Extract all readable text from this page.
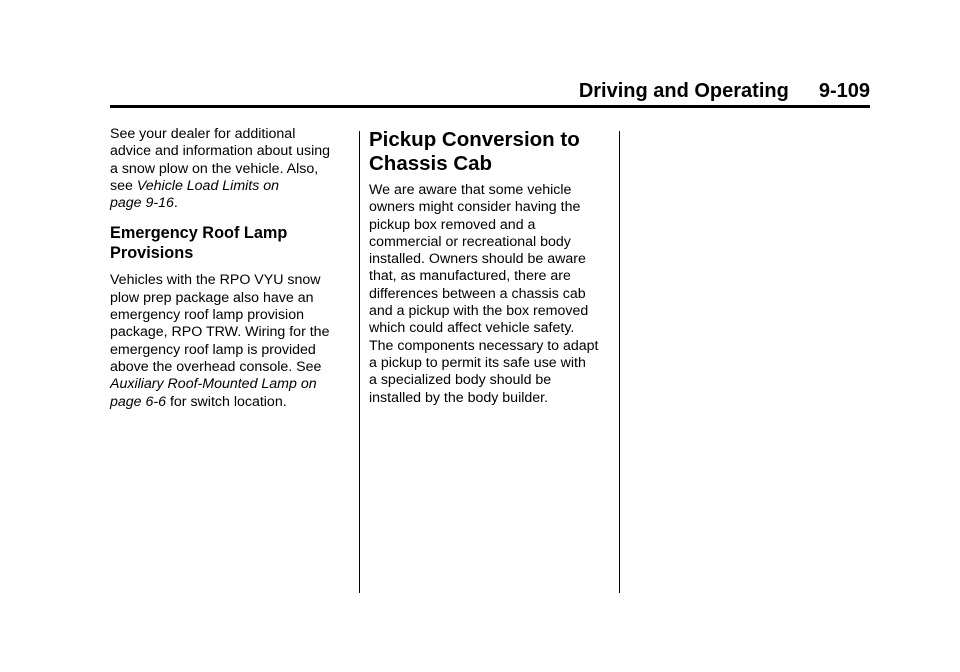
Driving and Operating 9-109

See your dealer for additional
advice and information about using
a snow plow on the vehicle. Also,
see Vehicle Load Limits on
page 9-16.

Emergency Roof Lamp
Provisions

Vehicles with the RPO VYU snow
plow prep package also have an
emergency roof lamp provision
package, RPO TRW. Wiring for the
emergency roof lamp is provided
above the overhead console. See
Auxiliary Roof-Mounted Lamp on
page 6-6 for switch location.

Pickup Conversion to
Chassis Cab

We are aware that some vehicle
owners might consider having the
pickup box removed and a
commercial or recreational body
installed. Owners should be aware
that, as manufactured, there are
differences between a chassis cab
and a pickup with the box removed
which could affect vehicle safety.
The components necessary to adapt
a pickup to permit its safe use with
a specialized body should be
installed by the body builder.
